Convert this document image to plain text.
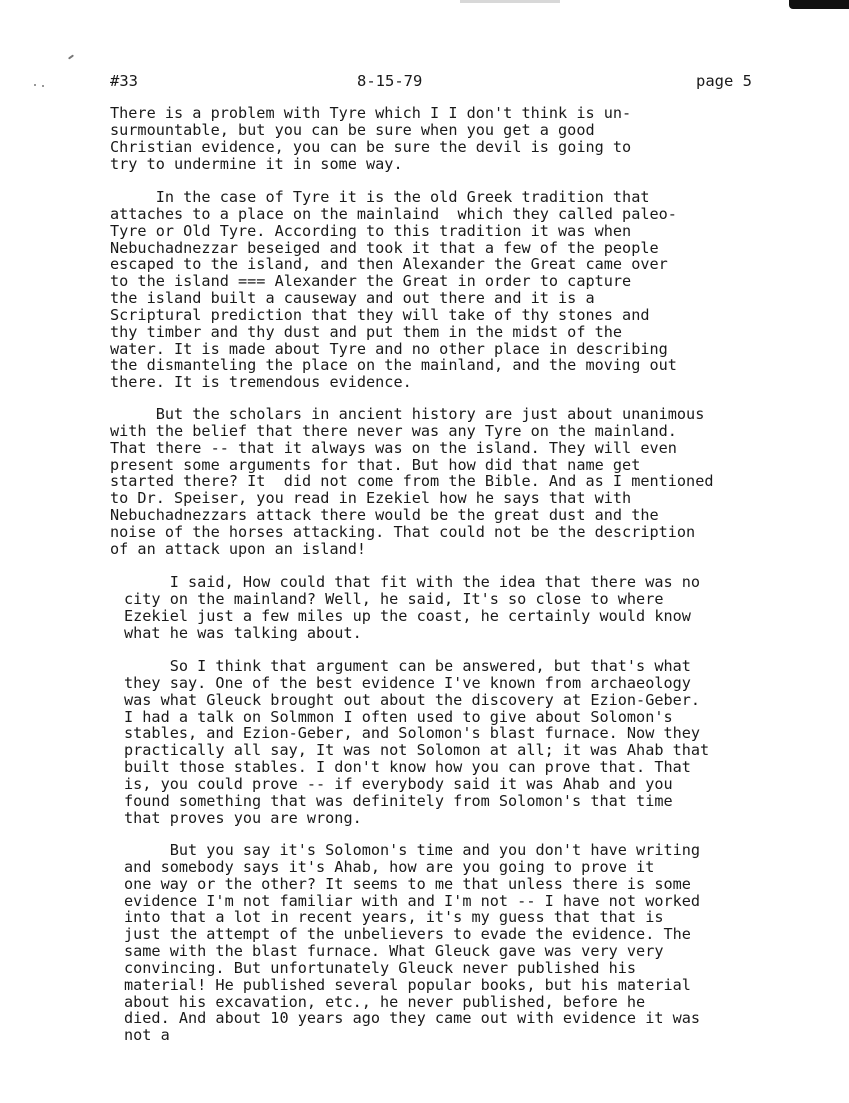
#33	8-15-79	page 5
There is a problem with Tyre which I I don't think is un-
surmountable, but you can be sure when you get a good
Christian evidence, you can be sure the devil is going to
try to undermine it in some way.
In the case of Tyre it is the old Greek tradition that
attaches to a place on the mainlaind  which they called paleo-
Tyre or Old Tyre. According to this tradition it was when
Nebuchadnezzar beseiged and took it that a few of the people
escaped to the island, and then Alexander the Great came over
to the island === Alexander the Great in order to capture
the island built a causeway and out there and it is a
Scriptural prediction that they will take of thy stones and
thy timber and thy dust and put them in the midst of the
water. It is made about Tyre and no other place in describing
the dismanteling the place on the mainland, and the moving out
there. It is tremendous evidence.
But the scholars in ancient history are just about unanimous
with the belief that there never was any Tyre on the mainland.
That there -- that it always was on the island. They will even
present some arguments for that. But how did that name get
started there? It  did not come from the Bible. And as I mentioned
to Dr. Speiser, you read in Ezekiel how he says that with
Nebuchadnezzars attack there would be the great dust and the
noise of the horses attacking. That could not be the description
of an attack upon an island!
I said, How could that fit with the idea that there was no
city on the mainland? Well, he said, It's so close to where
Ezekiel just a few miles up the coast, he certainly would know
what he was talking about.
So I think that argument can be answered, but that's what
they say. One of the best evidence I've known from archaeology
was what Gleuck brought out about the discovery at Ezion-Geber.
I had a talk on Solmmon I often used to give about Solomon's
stables, and Ezion-Geber, and Solomon's blast furnace. Now they
practically all say, It was not Solomon at all; it was Ahab that
built those stables. I don't know how you can prove that. That
is, you could prove -- if everybody said it was Ahab and you
found something that was definitely from Solomon's that time
that proves you are wrong.
But you say it's Solomon's time and you don't have writing
and somebody says it's Ahab, how are you going to prove it
one way or the other? It seems to me that unless there is some
evidence I'm not familiar with and I'm not -- I have not worked
into that a lot in recent years, it's my guess that that is
just the attempt of the unbelievers to evade the evidence. The
same with the blast furnace. What Gleuck gave was very very
convincing. But unfortunately Gleuck never published his
material! He published several popular books, but his material
about his excavation, etc., he never published, before he
died. And about 10 years ago they came out with evidence it was
not a
